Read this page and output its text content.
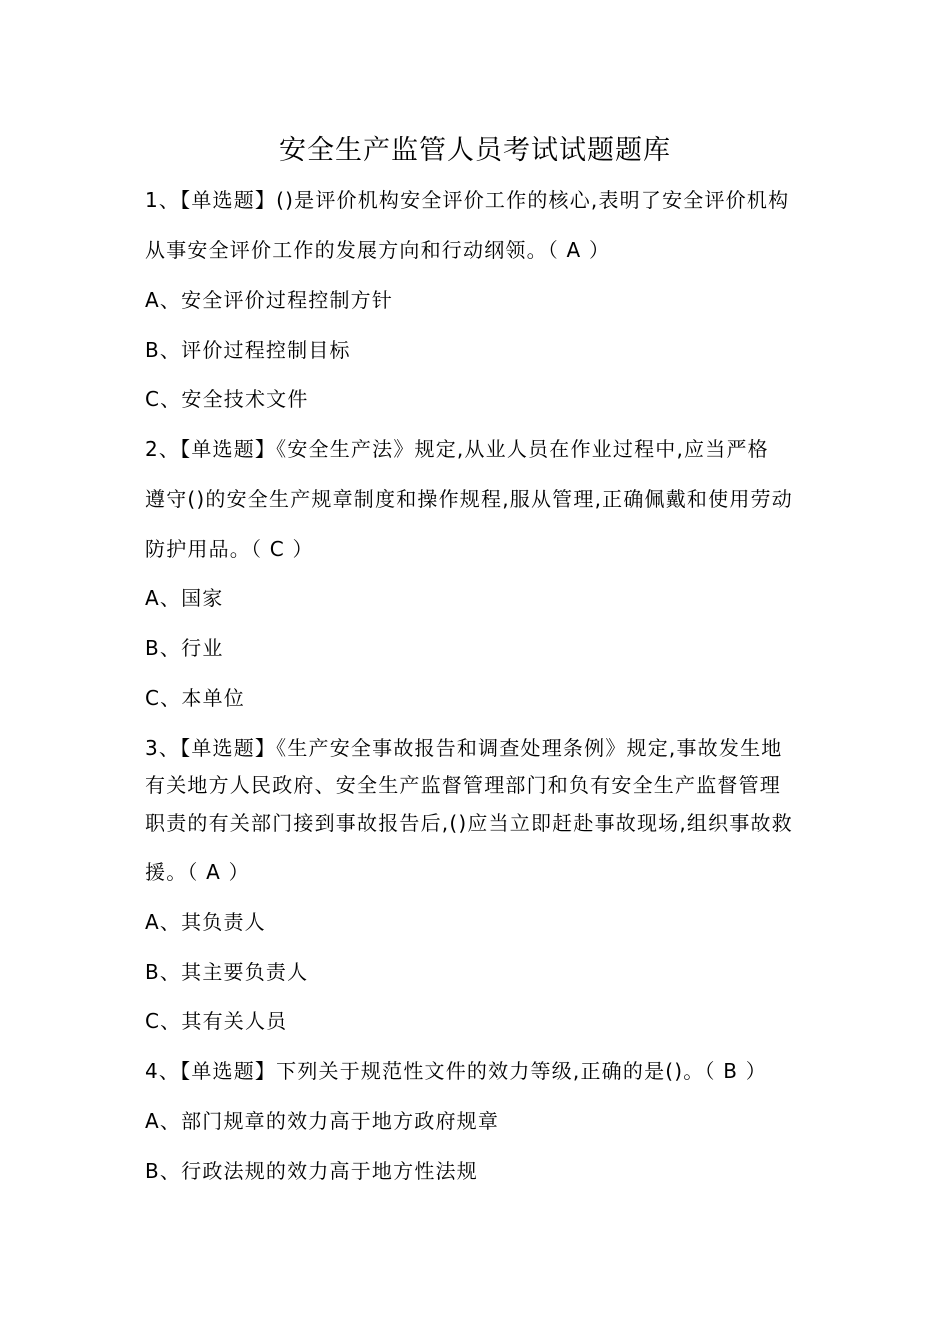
安全生产监管人员考试试题题库
1、【单选题】()是评价机构安全评价工作的核心,表明了安全评价机构
从事安全评价工作的发展方向和行动纲领。（ A ）
A、安全评价过程控制方针
B、评价过程控制目标
C、安全技术文件
2、【单选题】《安全生产法》规定,从业人员在作业过程中,应当严格
遵守()的安全生产规章制度和操作规程,服从管理,正确佩戴和使用劳动
防护用品。（ C ）
A、国家
B、行业
C、本单位
3、【单选题】《生产安全事故报告和调查处理条例》规定,事故发生地
有关地方人民政府、安全生产监督管理部门和负有安全生产监督管理
职责的有关部门接到事故报告后,()应当立即赶赴事故现场,组织事故救
援。（ A ）
A、其负责人
B、其主要负责人
C、其有关人员
4、【单选题】下列关于规范性文件的效力等级,正确的是()。（ B ）
A、部门规章的效力高于地方政府规章
B、行政法规的效力高于地方性法规
